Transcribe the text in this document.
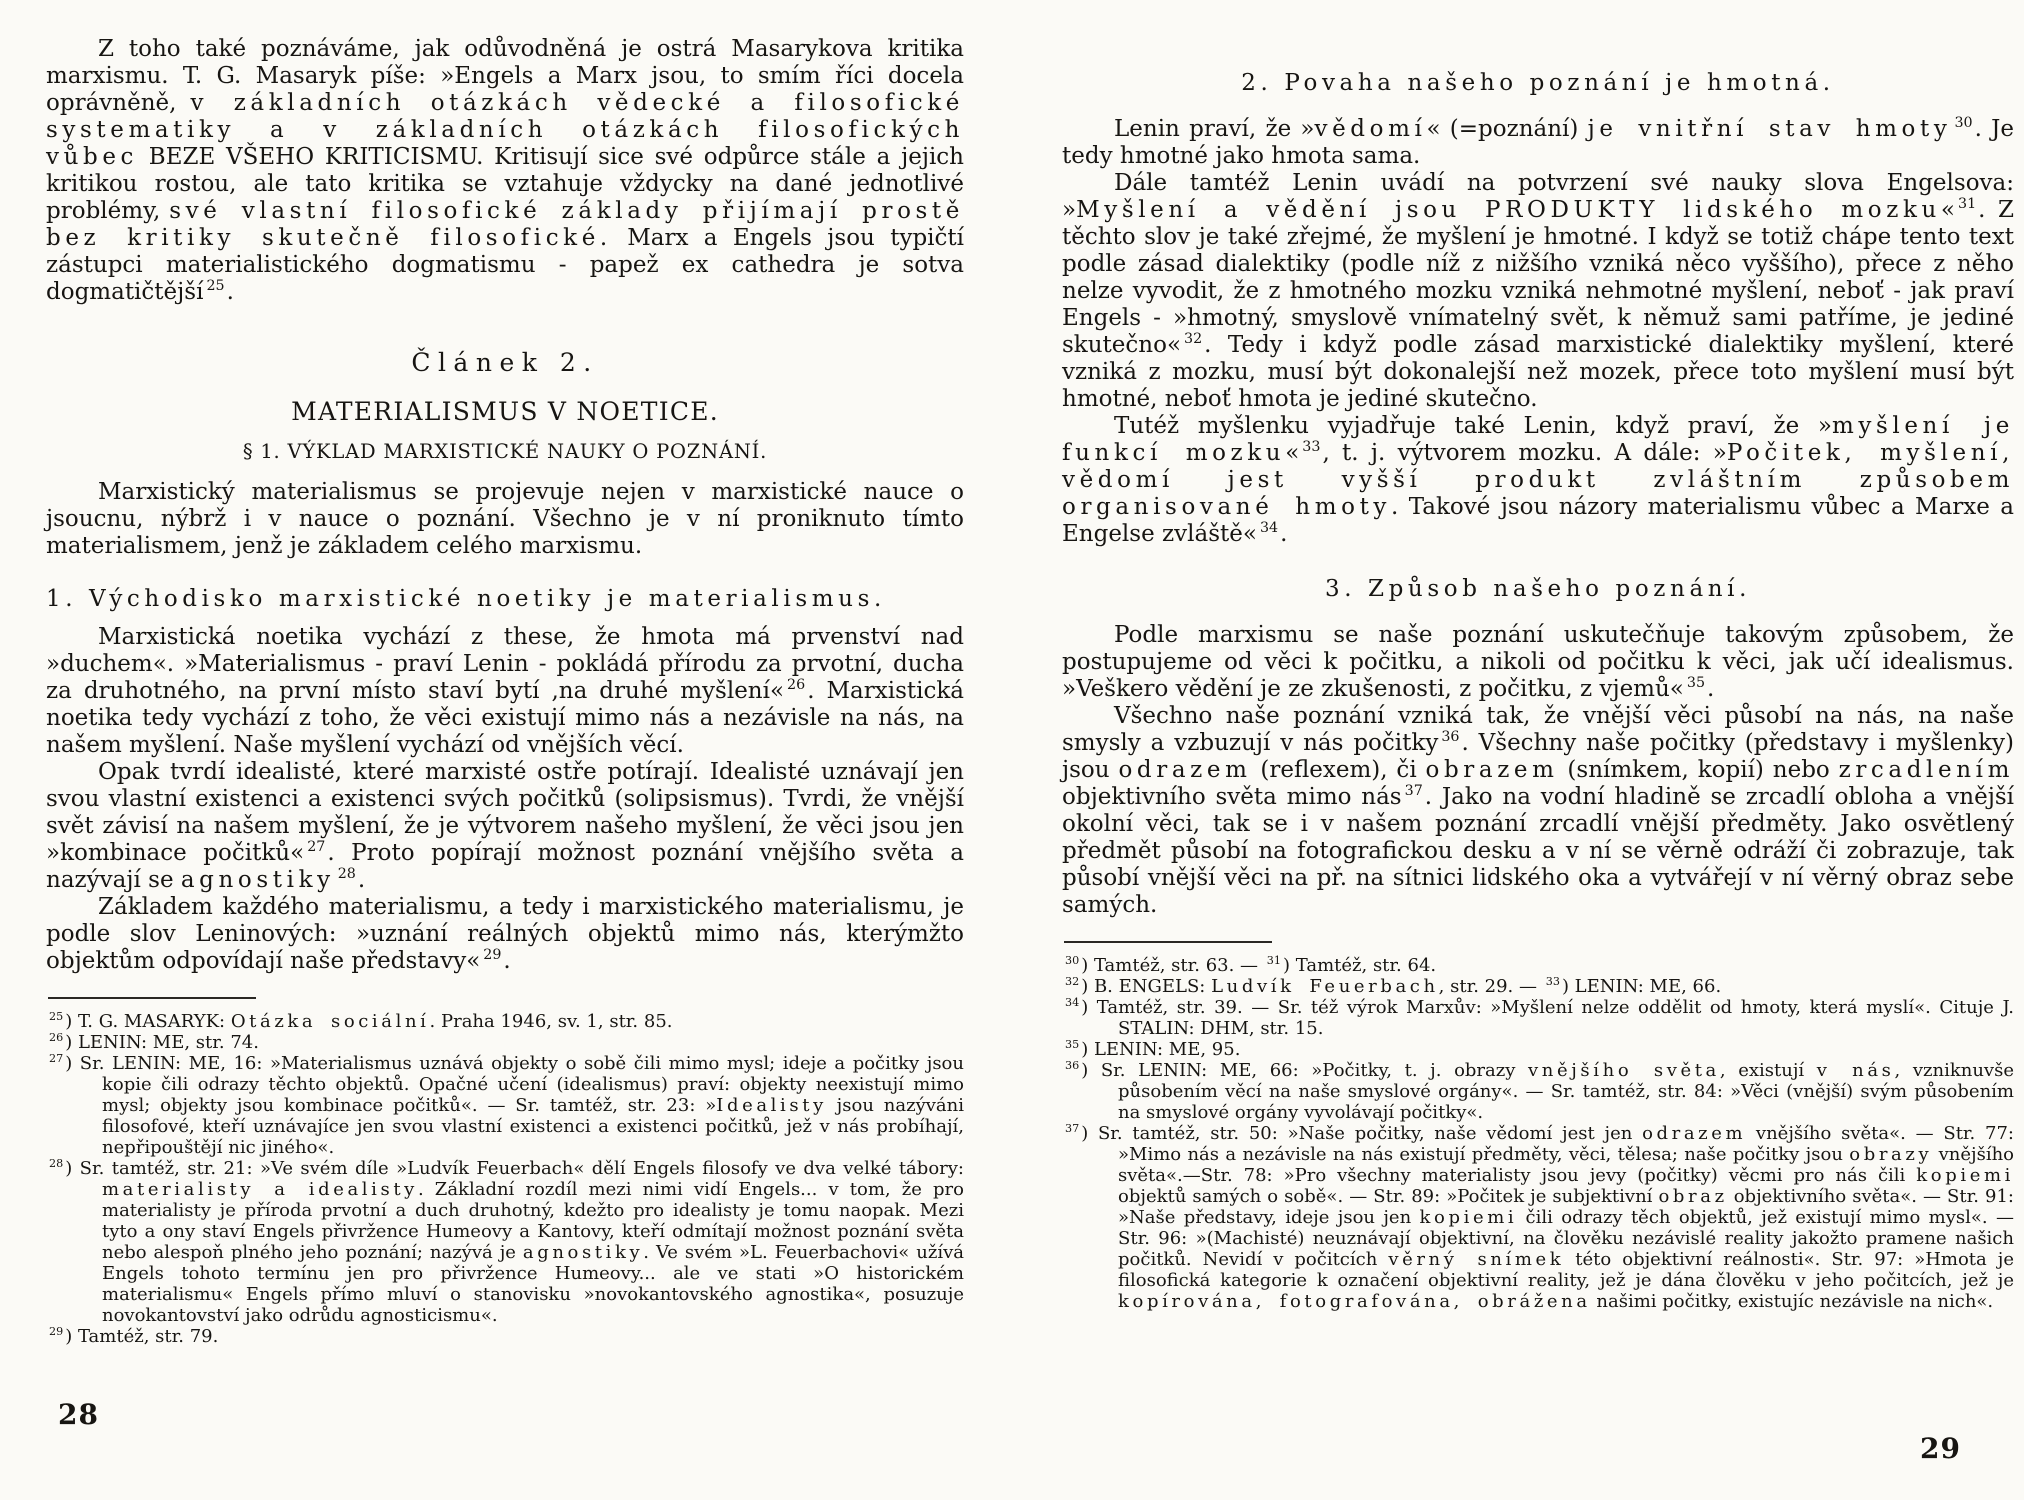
Z toho také poznáváme, jak odůvodněná je ostrá Masarykova kritika marxismu. T. G. Masaryk píše: »Engels a Marx jsou, to smím říci docela oprávněně, v základních otázkách vědecké a filosofické systematiky a v základních otázkách filosofických vůbec BEZE VŠEHO KRITICISMU. Kritisují sice své odpůrce stále a jejich kritikou rostou, ale tato kritika se vztahuje vždycky na dané jednotlivé problémy, své vlastní filosofické základy přijímají prostě bez kritiky skutečně filosofické. Marx a Engels jsou typičtí zástupci materialistického dogmatismu - papež ex cathedra je sotva dogmatičtější $^{25}$.
Článek 2.
MATERIALISMUS V NOETICE.
§ 1. VÝKLAD MARXISTICKÉ NAUKY O POZNÁNÍ.
Marxistický materialismus se projevuje nejen v marxistické nauce o jsoucnu, nýbrž i v nauce o poznání. Všechno je v ní proniknuto tímto materialismem, jenž je základem celého marxismu.
1. Východisko marxistické noetiky je materialismus.
Marxistická noetika vychází z these, že hmota má prvenství nad »duchem«. »Materialismus - praví Lenin - pokládá přírodu za prvotní, ducha za druhotného, na první místo staví bytí ,na druhé myšlení« $^{26}$. Marxistická noetika tedy vychází z toho, že věci existují mimo nás a nezávisle na nás, na našem myšlení. Naše myšlení vychází od vnějších věcí.
Opak tvrdí idealisté, které marxisté ostře potírají. Idealisté uznávají jen svou vlastní existenci a existenci svých počitků (solipsismus). Tvrdi, že vnější svět závisí na našem myšlení, že je výtvorem našeho myšlení, že věci jsou jen »kombinace počitků« $^{27}$. Proto popírají možnost poznání vnějšího světa a nazývají se agnostiky $^{28}$.
Základem každého materialismu, a tedy i marxistického materialismu, je podle slov Leninových: »uznání reálných objektů mimo nás, kterýmžto objektům odpovídají naše představy« $^{29}$.
$^{25}$ ) T. G. MASARYK: Otázka sociální. Praha 1946, sv. 1, str. 85.
$^{26}$ ) LENIN: ME, str. 74.
$^{27}$ ) Sr. LENIN: ME, 16: »Materialismus uznává objekty o sobě čili mimo mysl; ideje a počitky jsou kopie čili odrazy těchto objektů. Opačné učení (idealismus) praví: objekty neexistují mimo mysl; objekty jsou kombinace počitků«. — Sr. tamtéž, str. 23: »Idealisty jsou nazýváni filosofové, kteří uznávajíce jen svou vlastní existenci a existenci počitků, jež v nás probíhají, nepřipouštějí nic jiného«.
$^{28}$ ) Sr. tamtéž, str. 21: »Ve svém díle »Ludvík Feuerbach« dělí Engels filosofy ve dva velké tábory: materialisty a idealisty. Základní rozdíl mezi nimi vidí Engels... v tom, že pro materialisty je příroda prvotní a duch druhotný, kdežto pro idealisty je tomu naopak. Mezi tyto a ony staví Engels přivržence Humeovy a Kantovy, kteří odmítají možnost poznání světa nebo alespoň plného jeho poznání; nazývá je agnostiky. Ve svém »L. Feuerbachovi« užívá Engels tohoto termínu jen pro přivržence Humeovy... ale ve stati »O historickém materialismu« Engels přímo mluví o stanovisku »novokantovského agnostika«, posuzuje novokantovství jako odrůdu agnosticismu«.
$^{29}$ ) Tamtéž, str. 79.
2. Povaha našeho poznání je hmotná.
Lenin praví, že »vědomí« (=poznání) je vnitřní stav hmoty $^{30}$. Je tedy hmotné jako hmota sama.
Dále tamtéž Lenin uvádí na potvrzení své nauky slova Engelsova: »Myšlení a vědění jsou PRODUKTY lidského mozku« $^{31}$. Z těchto slov je také zřejmé, že myšlení je hmotné. I když se totiž chápe tento text podle zásad dialektiky (podle níž z nižšího vzniká něco vyššího), přece z něho nelze vyvodit, že z hmotného mozku vzniká nehmotné myšlení, neboť - jak praví Engels - »hmotný, smyslově vnímatelný svět, k němuž sami patříme, je jediné skutečno« $^{32}$. Tedy i když podle zásad marxistické dialektiky myšlení, které vzniká z mozku, musí být dokonalejší než mozek, přece toto myšlení musí být hmotné, neboť hmota je jediné skutečno.
Tutéž myšlenku vyjadřuje také Lenin, když praví, že »myšlení je funkcí mozku« $^{33}$, t. j. výtvorem mozku. A dále: »Počitek, myšlení, vědomí jest vyšší produkt zvláštním způsobem organisované hmoty. Takové jsou názory materialismu vůbec a Marxe a Engelse zvláště« $^{34}$.
3. Způsob našeho poznání.
Podle marxismu se naše poznání uskutečňuje takovým způsobem, že postupujeme od věci k počitku, a nikoli od počitku k věci, jak učí idealismus. »Veškero vědění je ze zkušenosti, z počitku, z vjemů« $^{35}$.
Všechno naše poznání vzniká tak, že vnější věci působí na nás, na naše smysly a vzbuzují v nás počitky $^{36}$. Všechny naše počitky (představy i myšlenky) jsou odrazem (reflexem), či obrazem (snímkem, kopií) nebo zrcadlením objektivního světa mimo nás $^{37}$. Jako na vodní hladině se zrcadlí obloha a vnější okolní věci, tak se i v našem poznání zrcadlí vnější předměty. Jako osvětlený předmět působí na fotografickou desku a v ní se věrně odráží či zobrazuje, tak působí vnější věci na př. na sítnici lidského oka a vytvářejí v ní věrný obraz sebe samých.
$^{30}$ ) Tamtéž, str. 63. — $^{31}$ ) Tamtéž, str. 64.
$^{32}$ ) B. ENGELS: Ludvík Feuerbach, str. 29. — $^{33}$ ) LENIN: ME, 66.
$^{34}$ ) Tamtéž, str. 39. — Sr. též výrok Marxův: »Myšlení nelze oddělit od hmoty, která myslí«. Cituje J. STALIN: DHM, str. 15.
$^{35}$ ) LENIN: ME, 95.
$^{36}$ ) Sr. LENIN: ME, 66: »Počitky, t. j. obrazy vnějšího světa, existují v nás, vzniknuvše působením věcí na naše smyslové orgány«. — Sr. tamtéž, str. 84: »Věci (vnější) svým působením na smyslové orgány vyvolávají počitky«.
$^{37}$ ) Sr. tamtéž, str. 50: »Naše počitky, naše vědomí jest jen odrazem vnějšího světa«. — Str. 77: »Mimo nás a nezávisle na nás existují předměty, věci, tělesa; naše počitky jsou obrazy vnějšího světa«.—Str. 78: »Pro všechny materialisty jsou jevy (počitky) věcmi pro nás čili kopiemi objektů samých o sobě«. — Str. 89: »Počitek je subjektivní obraz objektivního světa«. — Str. 91: »Naše představy, ideje jsou jen kopiemi čili odrazy těch objektů, jež existují mimo mysl«. — Str. 96: »(Machisté) neuznávají objektivní, na člověku nezávislé reality jakožto pramene našich počitků. Nevidí v počitcích věrný snímek této objektivní reálnosti«. Str. 97: »Hmota je filosofická kategorie k označení objektivní reality, jež je dána člověku v jeho počitcích, jež je kopírována, fotografována, obrážena našimi počitky, existujíc nezávisle na nich«.
28
29
